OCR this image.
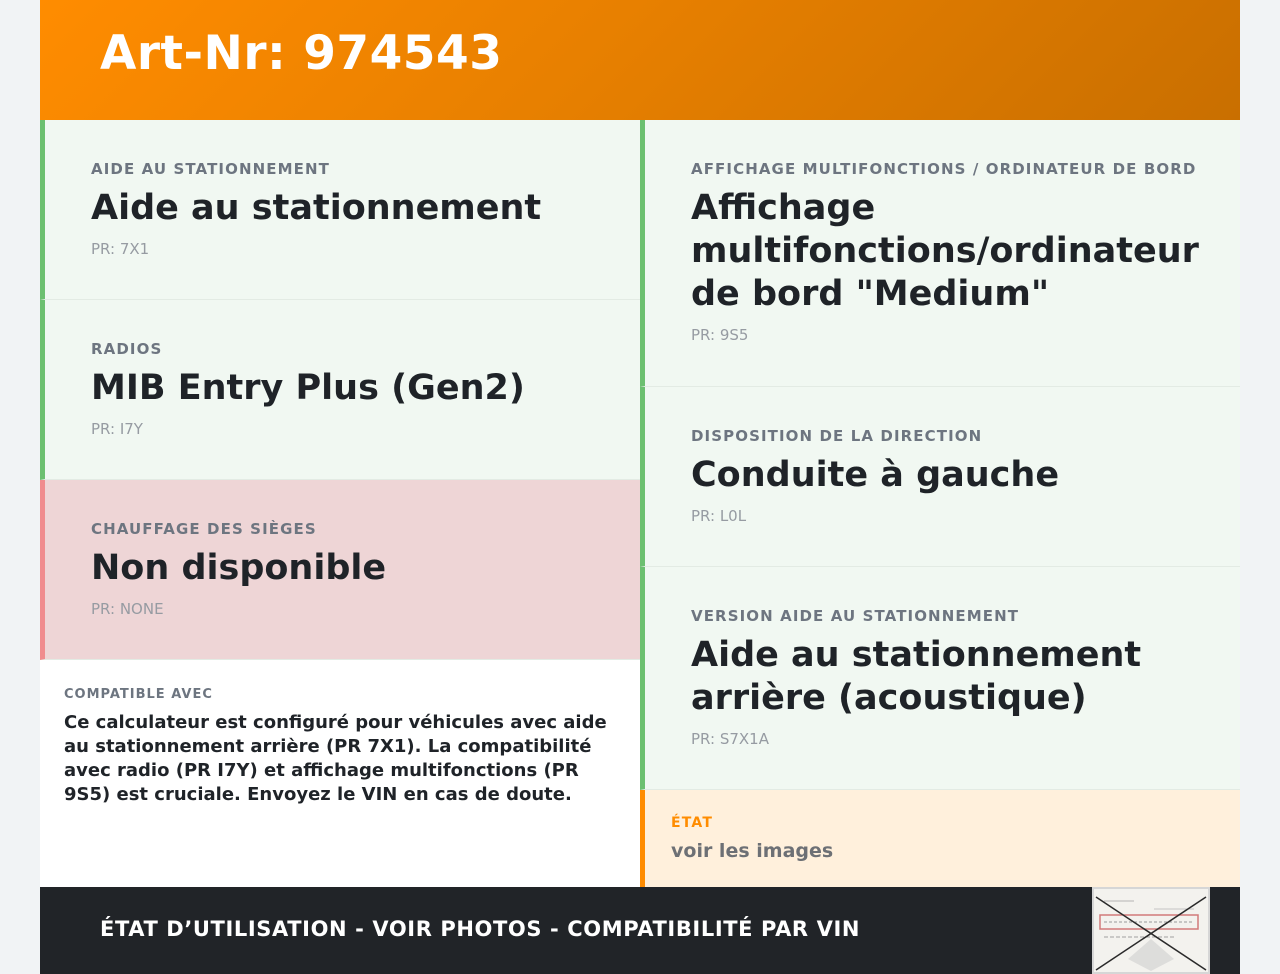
Art-Nr: 974543
AIDE AU STATIONNEMENT
Aide au stationnement
PR: 7X1
RADIOS
MIB Entry Plus (Gen2)
PR: I7Y
CHAUFFAGE DES SIÈGES
Non disponible
PR: NONE
COMPATIBLE AVEC
Ce calculateur est configuré pour véhicules avec aide au stationnement arrière (PR 7X1). La compatibilité avec radio (PR I7Y) et affichage multifonctions (PR 9S5) est cruciale. Envoyez le VIN en cas de doute.
AFFICHAGE MULTIFONCTIONS / ORDINATEUR DE BORD
Affichage multifonctions/ordinateur de bord "Medium"
PR: 9S5
DISPOSITION DE LA DIRECTION
Conduite à gauche
PR: L0L
VERSION AIDE AU STATIONNEMENT
Aide au stationnement arrière (acoustique)
PR: S7X1A
ÉTAT
voir les images
ÉTAT D’UTILISATION - VOIR PHOTOS - COMPATIBILITÉ PAR VIN
